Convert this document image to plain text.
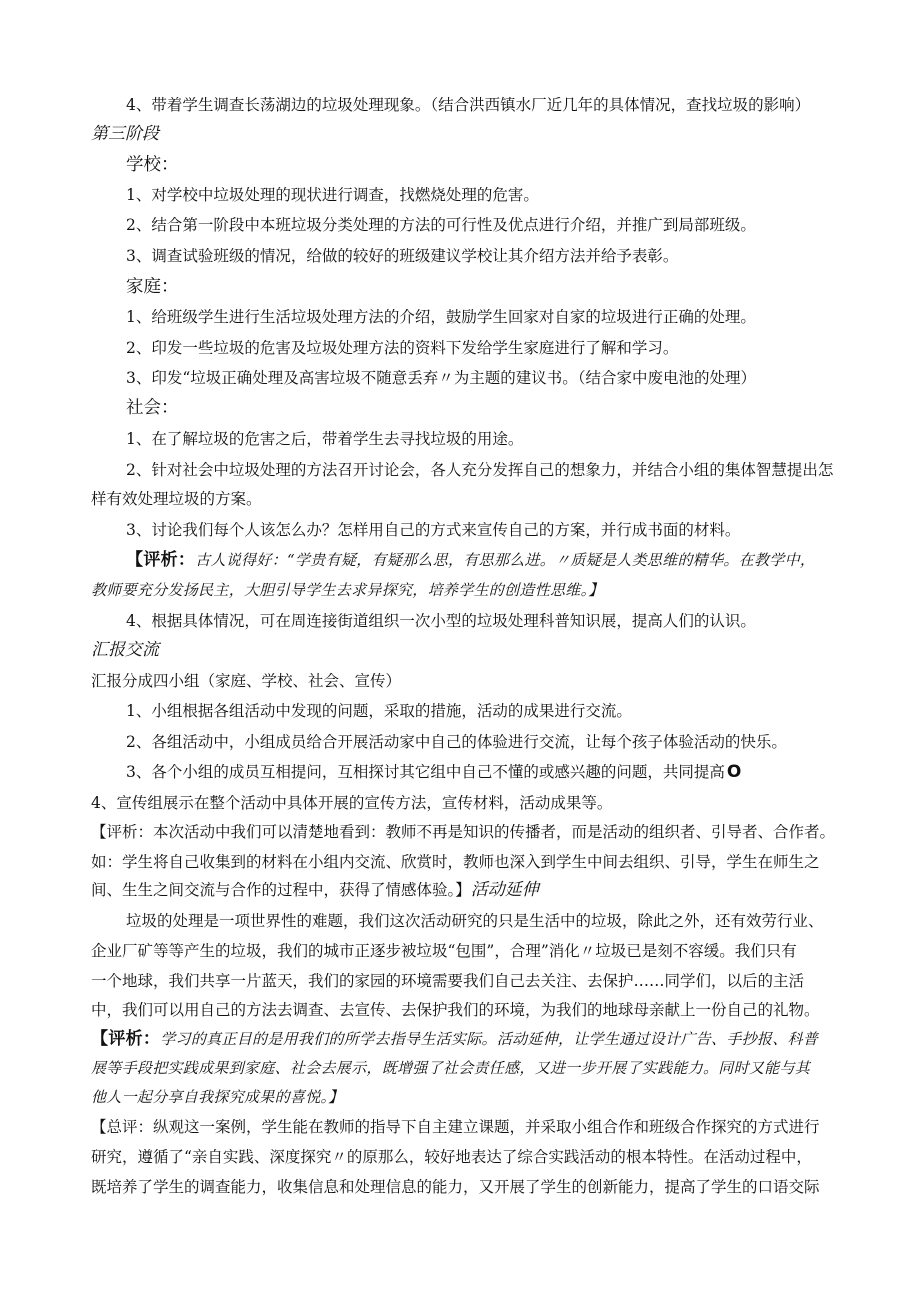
4、带着学生调查长荡湖边的垃圾处理现象。（结合洪西镇水厂近几年的具体情况，查找垃圾的影响）
第三阶段
学校：
1、对学校中垃圾处理的现状进行调查，找燃烧处理的危害。
2、结合第一阶段中本班垃圾分类处理的方法的可行性及优点进行介绍，并推广到局部班级。
3、调查试验班级的情况，给做的较好的班级建议学校让其介绍方法并给予表彰。
家庭：
1、给班级学生进行生活垃圾处理方法的介绍，鼓励学生回家对自家的垃圾进行正确的处理。
2、印发一些垃圾的危害及垃圾处理方法的资料下发给学生家庭进行了解和学习。
3、印发“垃圾正确处理及高害垃圾不随意丢弃〃为主题的建议书。（结合家中废电池的处理）
社会：
1、在了解垃圾的危害之后，带着学生去寻找垃圾的用途。
2、针对社会中垃圾处理的方法召开讨论会，各人充分发挥自己的想象力，并结合小组的集体智慧提出怎
样有效处理垃圾的方案。
3、讨论我们每个人该怎么办？怎样用自己的方式来宣传自己的方案，并行成书面的材料。
【评析：古人说得好：“学贵有疑，有疑那么思，有思那么进。〃质疑是人类思维的精华。在教学中，
教师要充分发扬民主，大胆引导学生去求异探究，培养学生的创造性思维。】
4、根据具体情况，可在周连接街道组织一次小型的垃圾处理科普知识展，提高人们的认识。
汇报交流
汇报分成四小组（家庭、学校、社会、宣传）
1、小组根据各组活动中发现的问题，采取的措施，活动的成果进行交流。
2、各组活动中，小组成员给合开展活动家中自己的体验进行交流，让每个孩子体验活动的快乐。
3、各个小组的成员互相提问，互相探讨其它组中自己不懂的或感兴趣的问题，共同提高 O
4、宣传组展示在整个活动中具体开展的宣传方法，宣传材料，活动成果等。
【评析：本次活动中我们可以清楚地看到：教师不再是知识的传播者，而是活动的组织者、引导者、合作者。
如：学生将自己收集到的材料在小组内交流、欣赏时，教师也深入到学生中间去组织、引导，学生在师生之
间、生生之间交流与合作的过程中，获得了情感体验。】活动延伸
垃圾的处理是一项世界性的难题，我们这次活动研究的只是生活中的垃圾，除此之外，还有效劳行业、
企业厂矿等等产生的垃圾，我们的城市正逐步被垃圾“包围”，合理”消化〃垃圾已是刻不容缓。我们只有
一个地球，我们共享一片蓝天，我们的家园的环境需要我们自己去关注、去保护……同学们，以后的主活
中，我们可以用自己的方法去调查、去宣传、去保护我们的环境，为我们的地球母亲献上一份自己的礼物。
【评析：学习的真正目的是用我们的所学去指导生活实际。活动延伸，让学生通过设计广告、手抄报、科普
展等手段把实践成果到家庭、社会去展示，既增强了社会责任感，又进一步开展了实践能力。同时又能与其
他人一起分享自我探究成果的喜悦。】
【总评：纵观这一案例，学生能在教师的指导下自主建立课题，并采取小组合作和班级合作探究的方式进行
研究，遵循了“亲自实践、深度探究〃的原那么，较好地表达了综合实践活动的根本特性。在活动过程中，
既培养了学生的调查能力，收集信息和处理信息的能力，又开展了学生的创新能力，提高了学生的口语交际
